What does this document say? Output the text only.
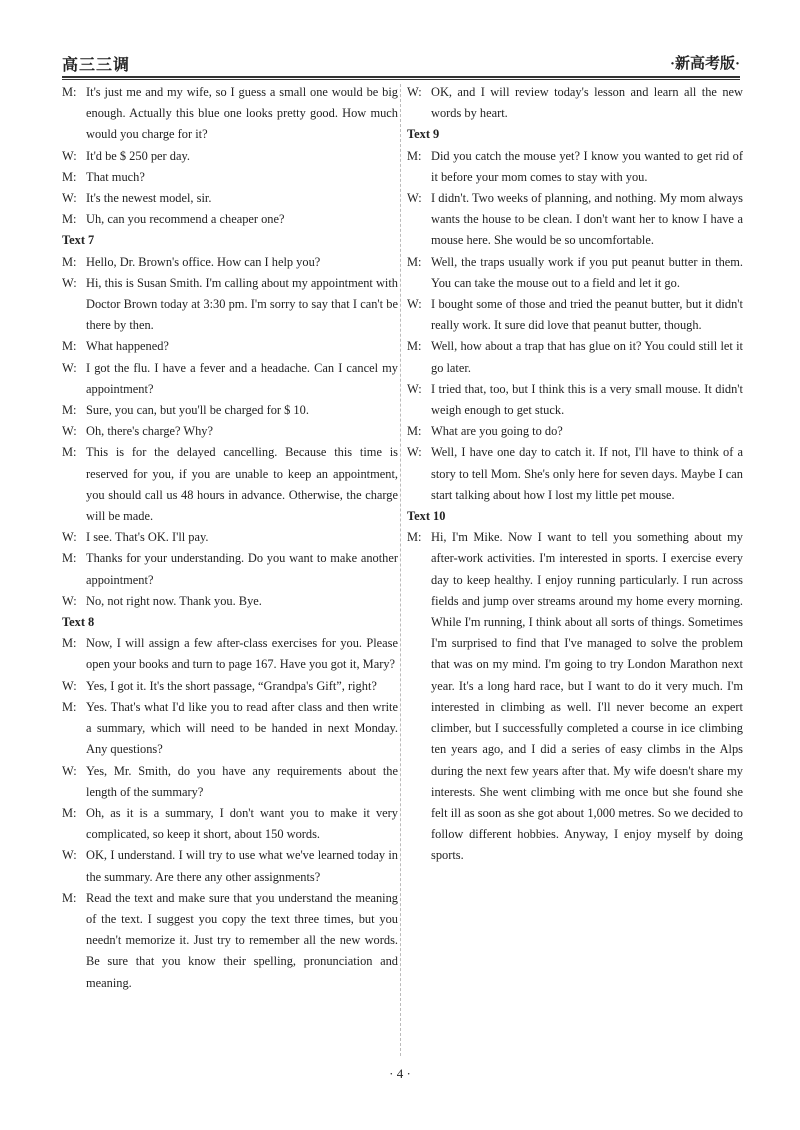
高三三调	·新高考版·
M: It's just me and my wife, so I guess a small one would be big enough. Actually this blue one looks pretty good. How much would you charge for it?
W: It'd be $ 250 per day.
M: That much?
W: It's the newest model, sir.
M: Uh, can you recommend a cheaper one?
Text 7
M: Hello, Dr. Brown's office. How can I help you?
W: Hi, this is Susan Smith. I'm calling about my appointment with Doctor Brown today at 3:30 pm. I'm sorry to say that I can't be there by then.
M: What happened?
W: I got the flu. I have a fever and a headache. Can I cancel my appointment?
M: Sure, you can, but you'll be charged for $ 10.
W: Oh, there's charge? Why?
M: This is for the delayed cancelling. Because this time is reserved for you, if you are unable to keep an appointment, you should call us 48 hours in advance. Otherwise, the charge will be made.
W: I see. That's OK. I'll pay.
M: Thanks for your understanding. Do you want to make another appointment?
W: No, not right now. Thank you. Bye.
Text 8
M: Now, I will assign a few after-class exercises for you. Please open your books and turn to page 167. Have you got it, Mary?
W: Yes, I got it. It's the short passage, “Grandpa's Gift”, right?
M: Yes. That's what I'd like you to read after class and then write a summary, which will need to be handed in next Monday. Any questions?
W: Yes, Mr. Smith, do you have any requirements about the length of the summary?
M: Oh, as it is a summary, I don't want you to make it very complicated, so keep it short, about 150 words.
W: OK, I understand. I will try to use what we've learned today in the summary. Are there any other assignments?
M: Read the text and make sure that you understand the meaning of the text. I suggest you copy the text three times, but you needn't memorize it. Just try to remember all the new words. Be sure that you know their spelling, pronunciation and meaning.
W: OK, and I will review today's lesson and learn all the new words by heart.
Text 9
M: Did you catch the mouse yet? I know you wanted to get rid of it before your mom comes to stay with you.
W: I didn't. Two weeks of planning, and nothing. My mom always wants the house to be clean. I don't want her to know I have a mouse here. She would be so uncomfortable.
M: Well, the traps usually work if you put peanut butter in them. You can take the mouse out to a field and let it go.
W: I bought some of those and tried the peanut butter, but it didn't really work. It sure did love that peanut butter, though.
M: Well, how about a trap that has glue on it? You could still let it go later.
W: I tried that, too, but I think this is a very small mouse. It didn't weigh enough to get stuck.
M: What are you going to do?
W: Well, I have one day to catch it. If not, I'll have to think of a story to tell Mom. She's only here for seven days. Maybe I can start talking about how I lost my little pet mouse.
Text 10
M: Hi, I'm Mike. Now I want to tell you something about my after-work activities. I'm interested in sports. I exercise every day to keep healthy. I enjoy running particularly. I run across fields and jump over streams around my home every morning. While I'm running, I think about all sorts of things. Sometimes I'm surprised to find that I've managed to solve the problem that was on my mind. I'm going to try London Marathon next year. It's a long hard race, but I want to do it very much. I'm interested in climbing as well. I'll never become an expert climber, but I successfully completed a course in ice climbing ten years ago, and I did a series of easy climbs in the Alps during the next few years after that. My wife doesn't share my interests. She went climbing with me once but she found she felt ill as soon as she got about 1,000 metres. So we decided to follow different hobbies. Anyway, I enjoy myself by doing sports.
· 4 ·
